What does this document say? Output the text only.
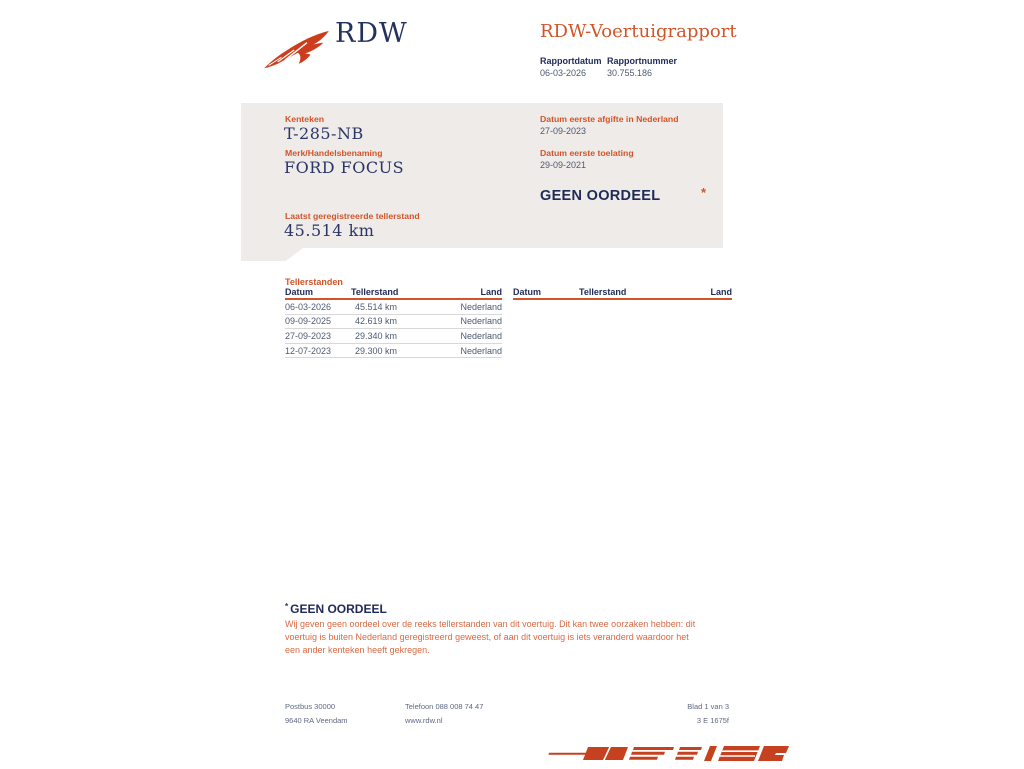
RDW	RDW-Voertuigrapport
Rapportdatum Rapportnummer
06-03-2026 30.755.186
Kenteken
T-285-NB
Merk/Handelsbenaming
FORD FOCUS
Laatst geregistreerde tellerstand
45.514 km
Datum eerste afgifte in Nederland
27-09-2023
Datum eerste toelating
29-09-2021
GEEN OORDEEL	*
Tellerstanden
Datum	Tellerstand	Land
06-03-2026	45.514 km	Nederland
09-09-2025	42.619 km	Nederland
27-09-2023	29.340 km	Nederland
12-07-2023	29.300 km	Nederland
Datum	Tellerstand	Land
* GEEN OORDEEL
Wij geven geen oordeel over de reeks tellerstanden van dit voertuig. Dit kan twee oorzaken hebben: dit voertuig is buiten Nederland geregistreerd geweest, of aan dit voertuig is iets veranderd waardoor het een ander kenteken heeft gekregen.
Postbus 30000
9640 RA Veendam
Telefoon 088 008 74 47
www.rdw.nl
Blad 1 van 3
3 E 1675f
